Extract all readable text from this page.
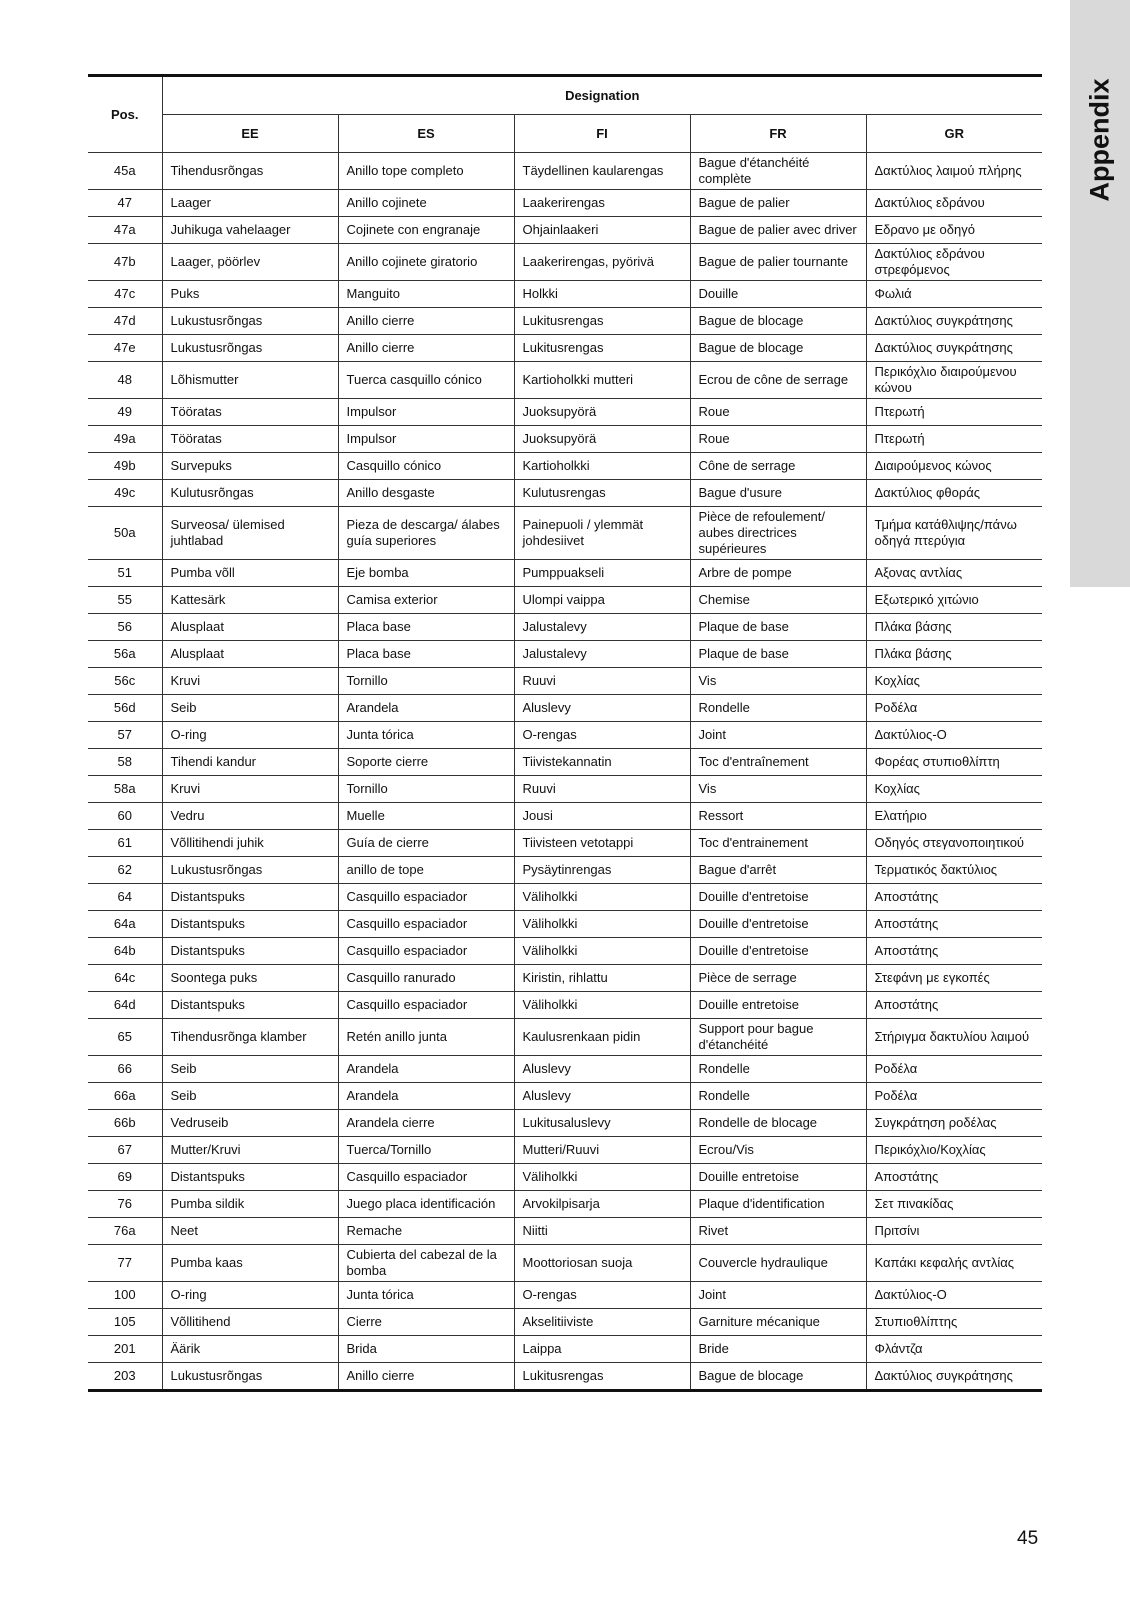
Appendix
Pos.	Designation				
	EE	ES	FI	FR	GR
45a	Tihendusrõngas	Anillo tope completo	Täydellinen kaularengas	Bague d'étanchéité complète	Δακτύλιος λαιμού πλήρης
47	Laager	Anillo cojinete	Laakerirengas	Bague de palier	Δακτύλιος εδράνου
47a	Juhikuga vahelaager	Cojinete con engranaje	Ohjainlaakeri	Bague de palier avec driver	Εδρανο με οδηγό
47b	Laager, pöörlev	Anillo cojinete giratorio	Laakerirengas, pyörivä	Bague de palier tournante	Δακτύλιος εδράνου στρεφόμενος
47c	Puks	Manguito	Holkki	Douille	Φωλιά
47d	Lukustusrõngas	Anillo cierre	Lukitusrengas	Bague de blocage	Δακτύλιος συγκράτησης
47e	Lukustusrõngas	Anillo cierre	Lukitusrengas	Bague de blocage	Δακτύλιος συγκράτησης
48	Lõhismutter	Tuerca casquillo cónico	Kartioholkki mutteri	Ecrou de cône de serrage	Περικόχλιο διαιρούμενου κώνου
49	Tööratas	Impulsor	Juoksupyörä	Roue	Πτερωτή
49a	Tööratas	Impulsor	Juoksupyörä	Roue	Πτερωτή
49b	Survepuks	Casquillo cónico	Kartioholkki	Cône de serrage	Διαιρούμενος κώνος
49c	Kulutusrõngas	Anillo desgaste	Kulutusrengas	Bague d'usure	Δακτύλιος φθοράς
50a	Surveosa/ ülemised juhtlabad	Pieza de descarga/ álabes guía superiores	Painepuoli / ylemmät johdesiivet	Pièce de refoulement/ aubes directrices supérieures	Τμήμα κατάθλιψης/πάνω οδηγά πτερύγια
51	Pumba võll	Eje bomba	Pumppuakseli	Arbre de pompe	Αξονας αντλίας
55	Kattesärk	Camisa exterior	Ulompi vaippa	Chemise	Εξωτερικό χιτώνιο
56	Alusplaat	Placa base	Jalustalevy	Plaque de base	Πλάκα βάσης
56a	Alusplaat	Placa base	Jalustalevy	Plaque de base	Πλάκα βάσης
56c	Kruvi	Tornillo	Ruuvi	Vis	Κοχλίας
56d	Seib	Arandela	Aluslevy	Rondelle	Ροδέλα
57	O-ring	Junta tórica	O-rengas	Joint	Δακτύλιος-O
58	Tihendi kandur	Soporte cierre	Tiivistekannatin	Toc d'entraînement	Φορέας στυπιοθλίπτη
58a	Kruvi	Tornillo	Ruuvi	Vis	Κοχλίας
60	Vedru	Muelle	Jousi	Ressort	Ελατήριο
61	Võllitihendi juhik	Guía de cierre	Tiivisteen vetotappi	Toc d'entrainement	Οδηγός στεγανοποιητικού
62	Lukustusrõngas	anillo de tope	Pysäytinrengas	Bague d'arrêt	Τερματικός δακτύλιος
64	Distantspuks	Casquillo espaciador	Väliholkki	Douille d'entretoise	Αποστάτης
64a	Distantspuks	Casquillo espaciador	Väliholkki	Douille d'entretoise	Αποστάτης
64b	Distantspuks	Casquillo espaciador	Väliholkki	Douille d'entretoise	Αποστάτης
64c	Soontega puks	Casquillo ranurado	Kiristin, rihlattu	Pièce de serrage	Στεφάνη με εγκοπές
64d	Distantspuks	Casquillo espaciador	Väliholkki	Douille entretoise	Αποστάτης
65	Tihendusrõnga klamber	Retén anillo junta	Kaulusrenkaan pidin	Support pour bague d'étanchéité	Στήριγμα δακτυλίου λαιμού
66	Seib	Arandela	Aluslevy	Rondelle	Ροδέλα
66a	Seib	Arandela	Aluslevy	Rondelle	Ροδέλα
66b	Vedruseib	Arandela cierre	Lukitusaluslevy	Rondelle de blocage	Συγκράτηση ροδέλας
67	Mutter/Kruvi	Tuerca/Tornillo	Mutteri/Ruuvi	Ecrou/Vis	Περικόχλιο/Κοχλίας
69	Distantspuks	Casquillo espaciador	Väliholkki	Douille entretoise	Αποστάτης
76	Pumba sildik	Juego placa identificación	Arvokilpisarja	Plaque d'identification	Σετ πινακίδας
76a	Neet	Remache	Niitti	Rivet	Πριτσίνι
77	Pumba kaas	Cubierta del cabezal de la bomba	Moottoriosan suoja	Couvercle hydraulique	Καπάκι κεφαλής αντλίας
100	O-ring	Junta tórica	O-rengas	Joint	Δακτύλιος-O
105	Võllitihend	Cierre	Akselitiiviste	Garniture mécanique	Στυπιοθλίπτης
201	Äärik	Brida	Laippa	Bride	Φλάντζα
203	Lukustusrõngas	Anillo cierre	Lukitusrengas	Bague de blocage	Δακτύλιος συγκράτησης
45
